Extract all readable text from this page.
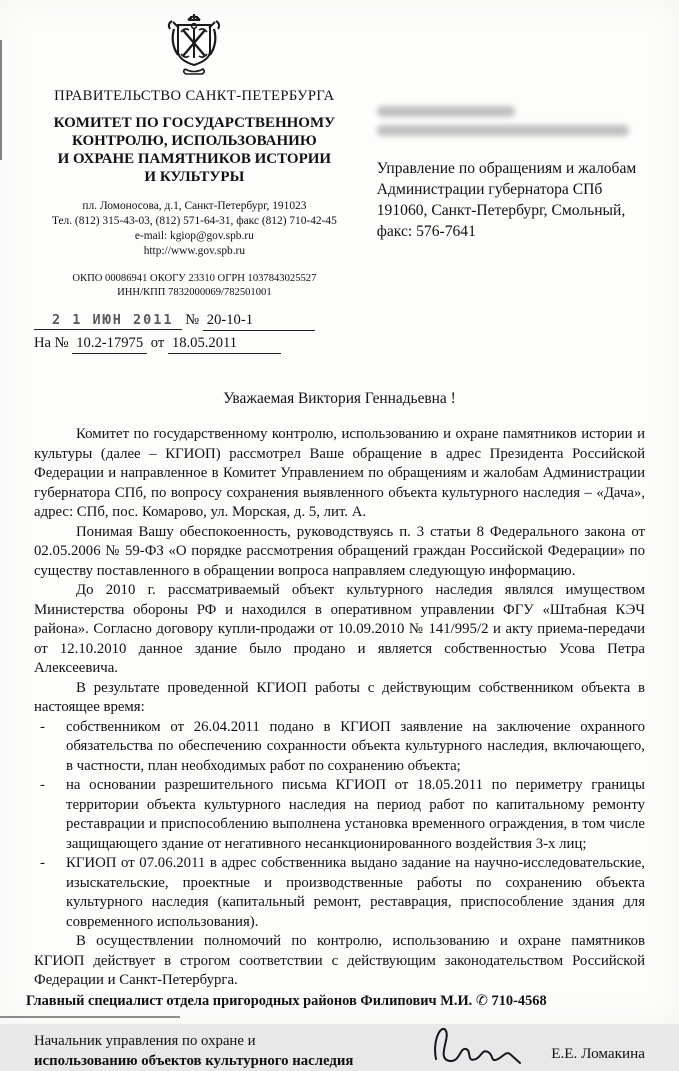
ПРАВИТЕЛЬСТВО САНКТ-ПЕТЕРБУРГА
КОМИТЕТ ПО ГОСУДАРСТВЕННОМУ
КОНТРОЛЮ, ИСПОЛЬЗОВАНИЮ
И ОХРАНЕ ПАМЯТНИКОВ ИСТОРИИ
И КУЛЬТУРЫ
пл. Ломоносова, д.1, Санкт-Петербург, 191023
Тел. (812) 315-43-03, (812) 571-64-31, факс (812) 710-42-45
e-mail: kgiop@gov.spb.ru
http://www.gov.spb.ru
ОКПО 00086941 ОКОГУ 23310 ОГРН 1037843025527
ИНН/КПП 7832000069/782501001
2 1 ИЮН 2011 № 20-10-1
На № 10.2-17975 от 18.05.2011
Управление по обращениям и жалобам
Администрации губернатора СПб
191060, Санкт-Петербург, Смольный,
факс: 576-7641
Уважаемая Виктория Геннадьевна !

Комитет по государственному контролю, использованию и охране памятников истории и культуры (далее – КГИОП) рассмотрел Ваше обращение в адрес Президента Российской Федерации и направленное в Комитет Управлением по обращениям и жалобам Администрации губернатора СПб, по вопросу сохранения выявленного объекта культурного наследия – «Дача», адрес: СПб, пос. Комарово, ул. Морская, д. 5, лит. А.

Понимая Вашу обеспокоенность, руководствуясь п. 3 статьи 8 Федерального закона от 02.05.2006 № 59-ФЗ «О порядке рассмотрения обращений граждан Российской Федерации» по существу поставленного в обращении вопроса направляем следующую информацию.

До 2010 г. рассматриваемый объект культурного наследия являлся имуществом Министерства обороны РФ и находился в оперативном управлении ФГУ «Штабная КЭЧ района». Согласно договору купли-продажи от 10.09.2010 № 141/995/2 и акту приема-передачи от 12.10.2010 данное здание было продано и является собственностью Усова Петра Алексеевича.

В результате проведенной КГИОП работы с действующим собственником объекта в настоящее время:

- собственником от 26.04.2011 подано в КГИОП заявление на заключение охранного обязательства по обеспечению сохранности объекта культурного наследия, включающего, в частности, план необходимых работ по сохранению объекта;
- на основании разрешительного письма КГИОП от 18.05.2011 по периметру границы территории объекта культурного наследия на период работ по капитальному ремонту реставрации и приспособлению выполнена установка временного ограждения, в том числе защищающего здание от негативного несанкционированного воздействия 3-х лиц;
- КГИОП от 07.06.2011 в адрес собственника выдано задание на научно-исследовательские, изыскательские, проектные и производственные работы по сохранению объекта культурного наследия (капитальный ремонт, реставрация, приспособление здания для современного использования).

В осуществлении полномочий по контролю, использованию и охране памятников КГИОП действует в строгом соответствии с действующим законодательством Российской Федерации и Санкт-Петербурга.

Начальник управления по охране и
использованию объектов культурного наследия	Е.Е. Ломакина
Главный специалист отдела пригородных районов Филипович М.И. ✆ 710-4568
